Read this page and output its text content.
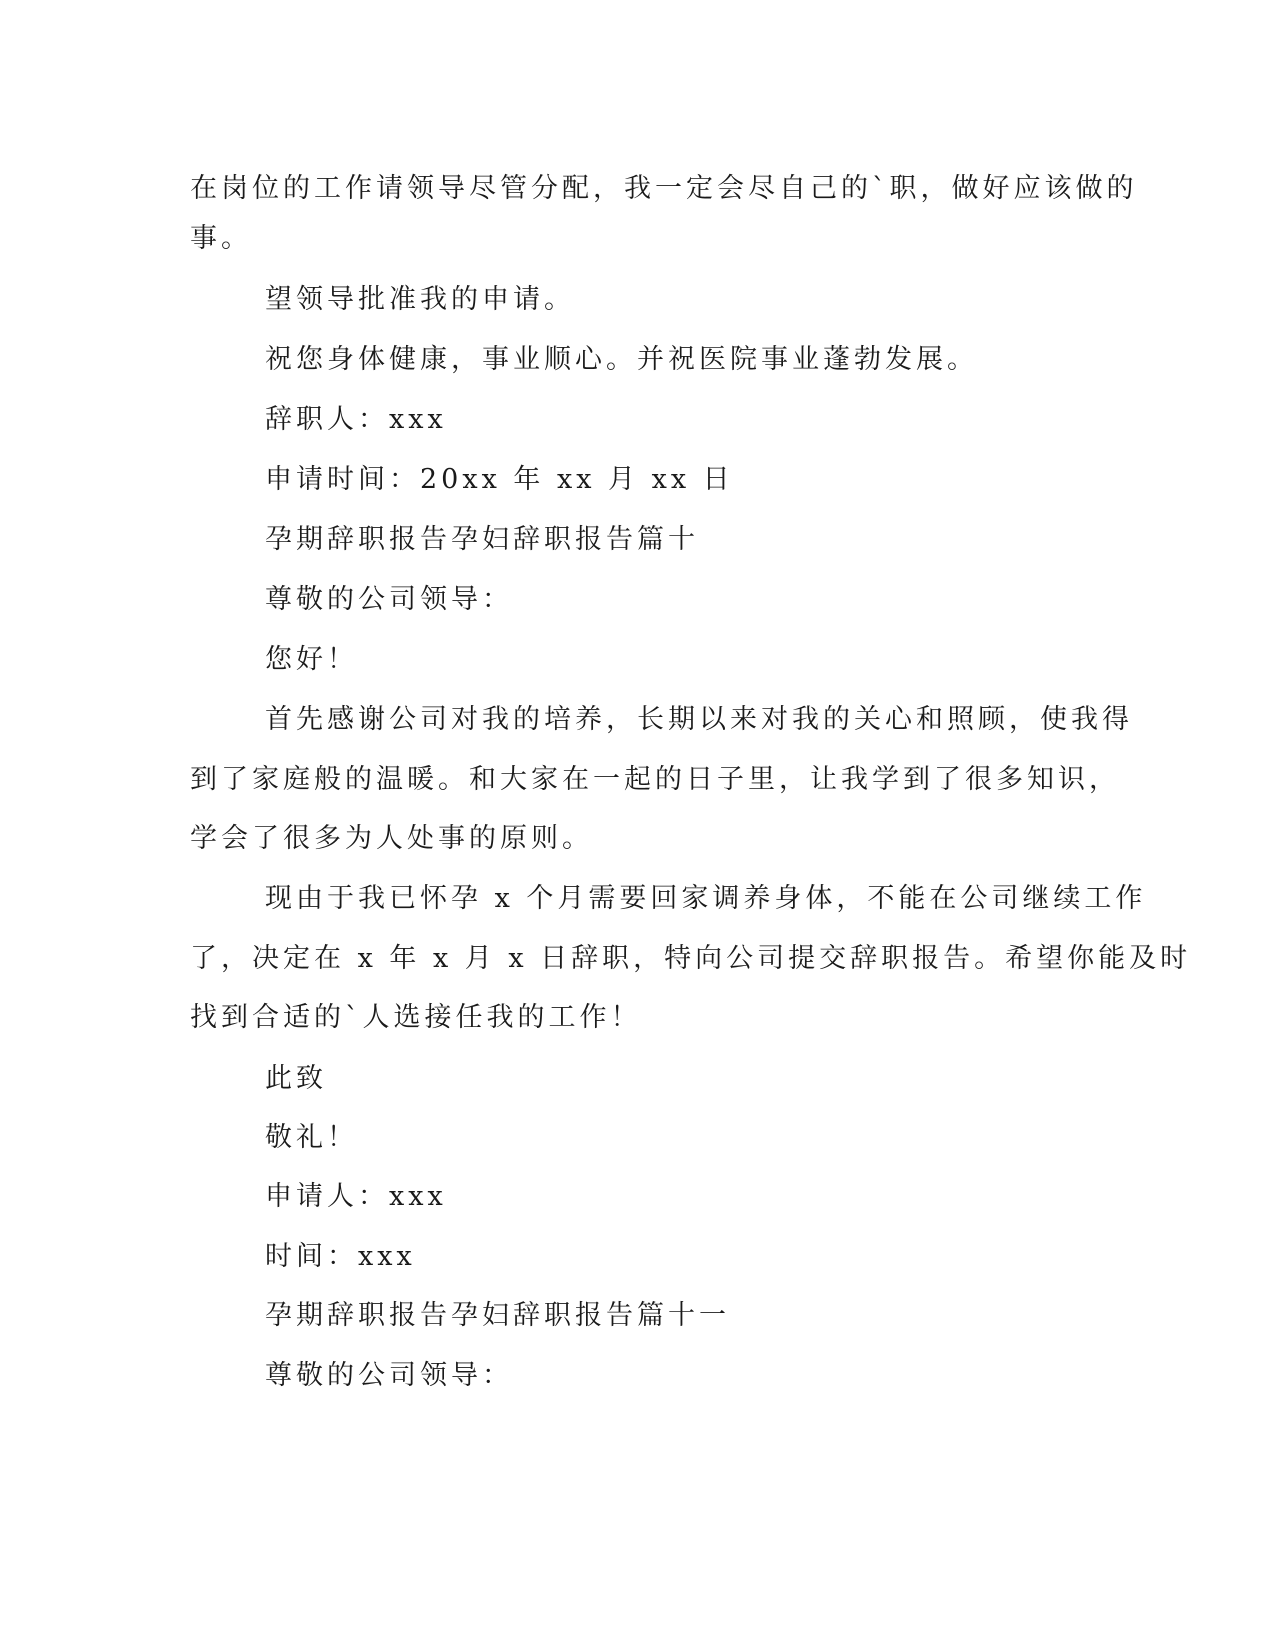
在岗位的工作请领导尽管分配，我一定会尽自己的`职，做好应该做的
事。
望领导批准我的申请。
祝您身体健康，事业顺心。并祝医院事业蓬勃发展。
辞职人：xxx
申请时间：20xx 年 xx 月 xx 日
孕期辞职报告孕妇辞职报告篇十
尊敬的公司领导：
您好！
首先感谢公司对我的培养，长期以来对我的关心和照顾，使我得
到了家庭般的温暖。和大家在一起的日子里，让我学到了很多知识，
学会了很多为人处事的原则。
现由于我已怀孕 x 个月需要回家调养身体，不能在公司继续工作
了，决定在 x 年 x 月 x 日辞职，特向公司提交辞职报告。希望你能及时
找到合适的`人选接任我的工作！
此致
敬礼！
申请人：xxx
时间：xxx
孕期辞职报告孕妇辞职报告篇十一
尊敬的公司领导：
